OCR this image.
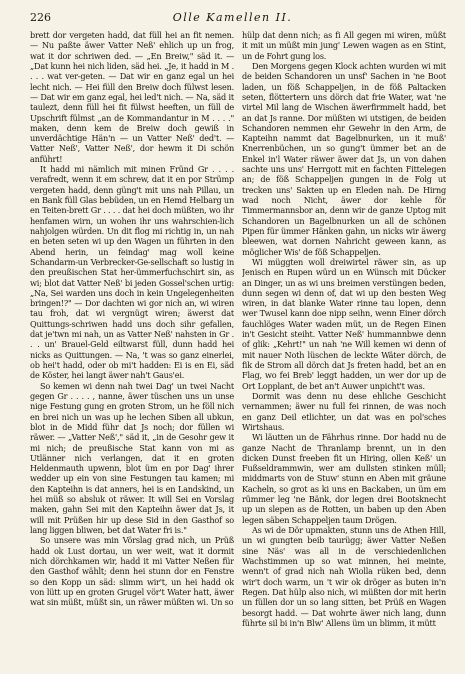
226	Olle Kamellen II.

brett dor vergeten hadd, dat füll hei an fit nemen. — Nu paßte äwer Vatter Neß' ehlich up un frog, wat it dor schriwen ded. — „En Breiw," säd it. — „Dat kunn hei nich liden, säd hei. „Je, it hadd in M . . . . wat ver-geten. — Dat wir en ganz egal un hei lecht nich. — Hei füll den Breiw doch fülwst lesen. — Dat wir em ganz egal, hei led't nich. — Na, säd it taulezt, denn füll hei fit fülwst heeften, un füll de Upschrift fülmst „an de Kommandantur in M . . . ." maken, denn kem de Breiw doch gewiß in unverdächtige Hän'n — un Vatter Neß' ded't. — Vatter Neß', Vatter Neß', dor hewm it Di schön anführt!

It hadd mi nämlich mit minen Fründ Gr . . . . verafredt, wenn it em schrew, dat it en por Strümp vergeten hadd, denn güng't mit uns nah Pillau, un en Bank füll Glas bebüden, un en Hemd Helbarg un en Teiten-brett Gr . . . . dat hei doch müßten, wo ihr henfamen wirn, un wohen ihr uns wahrschien-lich nahjolgen würden. Un dit flog mi richtig in, un nah en beten seten wi up den Wagen un führten in den Abend herin, un feindag' mag woll keine Schandarm-un Verbrecker-Ge-sellschaft so lustig in den preußischen Stat her-ümmerfuchschirt sin, as wi; blot dat Vatter Neß' bi jeden Gossel'schen urtig: „Na, Sei warden uns doch in kein Ungelegenheiten bringen!?" — Dor dachten wi gor nich an, wi wiren tau froh, dat wi vergnügt wiren; äwerst dat Quittungs-schriwen hadd uns doch sihr gefallen, dat je'twn mi nah, un as Vatter Neß' nahsten in Gr . . . un' Brauel-Geld eiltwarst füll, dunn hadd hei nicks as Quittungen. — Na, 't was so ganz einerlei, ob hei't hadd, oder ob mi't hadden: Ei is en Ei, säd de Köster, hei langt äwer nah't Gaus'ei.

So kemen wi denn nah twei Dag' un twei Nacht gegen Gr . . . . , nanne, äwer tüschen uns un unse nige Festung gung en groten Strom, un he föll nich en brei nich un was up he lechen Siben all ubkun, blot in de Midd führ dat Js noch; dor füllen wi räwer. — „Vatter Neß'," säd it, „in de Gesohr gew it mi nich; de preußische Stat kann von mi as Utlänner nich verlangen, dat it en groten Heldenmauth upwenn, blot üm en por Dag' ihrer wedder up ein von sine Festungen tau kamen; mi den Kapteihn is dat anners, hei is en Landskind, un hei müß so absluk ot räwer. It will Sei en Vorslag maken, gahn Sei mit den Kapteihn äwer dat Js, it will mit Prüßen hir up dese Sid in den Gasthof so lang liggen bliwen, bet dat Water fri is."

So unsere was min Vörslag grad nich, un Prüß hadd ok Lust dortau, un wer weit, wat it dormit nich dörchkamen wir, hadd it mi Vatter Neßen für den Gasthof wählt; denn hei stunn dor en Fenstre so den Kopp un säd: slimm wir't, un hei hadd ok von lütt up en groten Grugel vör't Water hatt, äwer wat sin müßt, müßt sin, un räwer müßten wi. Un so

hülp dat denn nich; as fi All gegen mi wiren, müßt it mit un müßt min jung' Lewen wagen as en Stint, un de Fohrt gung los.

Den Morgens gegen Klock achten wurden wi mit de beiden Schandoren un unsf' Sachen in 'ne Boot laden, un föß Schappeljen, in de föß Paltacken seten, flöttertern uns dörch dat frie Water, wat 'ne virtel Mil lang de Wischen äwerfirmmelt hadd, bet an dat Js ranne. Dor müßten wi utstigen, de beiden Schandoren nemmen ehr Gewehr in den Arm, de Kapteihn nammt dat Bagelbnurken, un it muß' Knerrenbüchen, un so gung't ümmer bet an de Enkel in'l Water räwer äwer dat Js, un von dahen sachte uns uns' Herrgott mit en fachten Fittelegen an; de föß Schappeljen gungen in de Folg ut trecken uns' Sakten up en Eleden nah. De Hirng wad noch Nicht, äwer dor kehle för Timmermannsbor an, denn wir de ganze Uptog mit Schandoren un Bagelbnurken un all de schönen Pipen für ümmer Hänken gahn, un nicks wir äwerg bleewen, wat dornen Nahricht geween kann, as möglicher Wis' de föß Schappeljen.

Wi müggten woll dreiwirtel räwer sin, as up Jenisch en Rupen würd un en Wünsch mit Dücker an Dinger, un as wi uns breimen verstüngen beden, dunn segen wi denn of, dat wi up den besten Weg wiren, in dat blanke Water rinne tau lopen, denn wer Twusel kann doe nipp seihn, wenn Einer dörch fauchlöges Water waden müt, un de Regen Einen in't Gesicht steiht. Vatter Neß' hummannbwe denn of glik: „Kehrt!" un nah 'ne Will kemen wi denn of mit nauer Noth lüschen de leckte Wäter dörch, de fik de Strom all dörch dat Js freten hadd, bet an en Flag, wo fei Breb' leggt hadden, un wer dor up de Ort Lopplant, de bet an't Auwer unpicht't was.

Dormit was denn nu dese ehliche Geschicht vernammen; äwer nu full fei rinnen, de was noch en ganz Deil etlichter, un dat was en pol'sches Wirtshaus.

Wi läutten un de Fährhus rinne. Dor hadd nu de ganze Nacht de Thranlamp brennt, un in den dicken Dunst freeben fit un Hiring, ollen Keß' un Fußseldrammwin, wer am dullsten stinken müll; middmarts von de Stuw' stunn en Aben mit gräune Kacheln, so grot as ki uns en Backaben, un üm em rümmer leg 'ne Bänk, dor legen drei Bootsknecht up un slepen as de Rotten, un baben up den Aben legen säben Schappeljen taum Drögen.

As wi de Dör upmakten, stunn uns de Athen Hill, un wi gungten beib taurügg; äwer Vatter Neßen sine Näs' was all in de verschiedenlichen Wachstimmen up so wat minnen, hei meinte, wenn't of grad nich nah Wiolla rüken bed, denn wir't doch warm, un 't wir ok dröger as buten in'n Regen. Dat hülp also nich, wi müßten dor mit herin un füllen dor un so lang sitten, bet Prüß en Wagen besorgt hadd. — Dat wohrte äwer nich lang, dunn führte sil bi in'n Blw' Allens üm un blimm, it mütt
